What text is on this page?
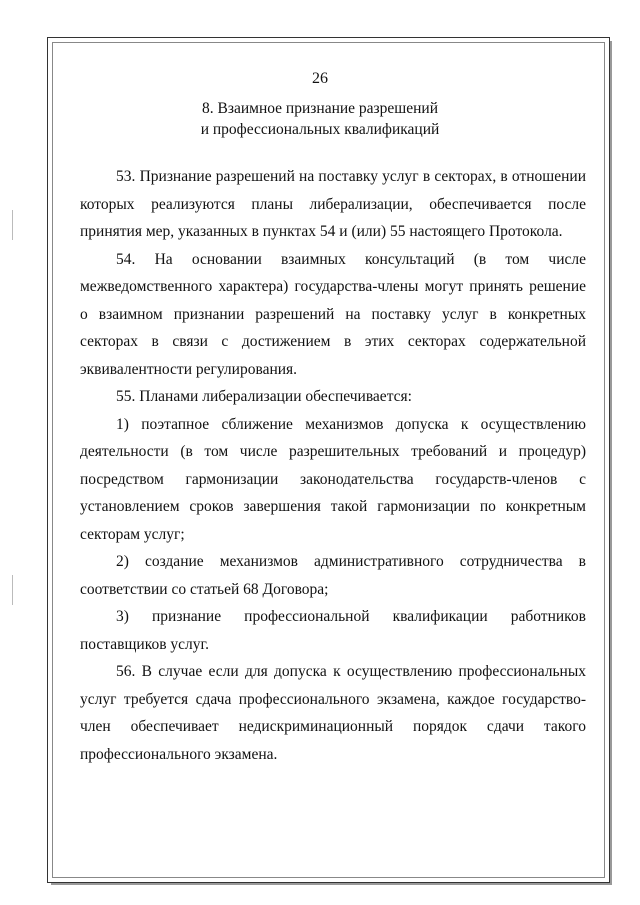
26
8. Взаимное признание разрешений
и профессиональных квалификаций

53. Признание разрешений на поставку услуг в секторах, в отношении которых реализуются планы либерализации, обеспечивается после принятия мер, указанных в пунктах 54 и (или) 55 настоящего Протокола.

54. На основании взаимных консультаций (в том числе межведомственного характера) государства-члены могут принять решение о взаимном признании разрешений на поставку услуг в конкретных секторах в связи с достижением в этих секторах содержательной эквивалентности регулирования.

55. Планами либерализации обеспечивается:

1) поэтапное сближение механизмов допуска к осуществлению деятельности (в том числе разрешительных требований и процедур) посредством гармонизации законодательства государств-членов с установлением сроков завершения такой гармонизации по конкретным секторам услуг;

2) создание механизмов административного сотрудничества в соответствии со статьей 68 Договора;

3) признание профессиональной квалификации работников поставщиков услуг.

56. В случае если для допуска к осуществлению профессиональных услуг требуется сдача профессионального экзамена, каждое государство-член обеспечивает недискриминационный порядок сдачи такого профессионального экзамена.
